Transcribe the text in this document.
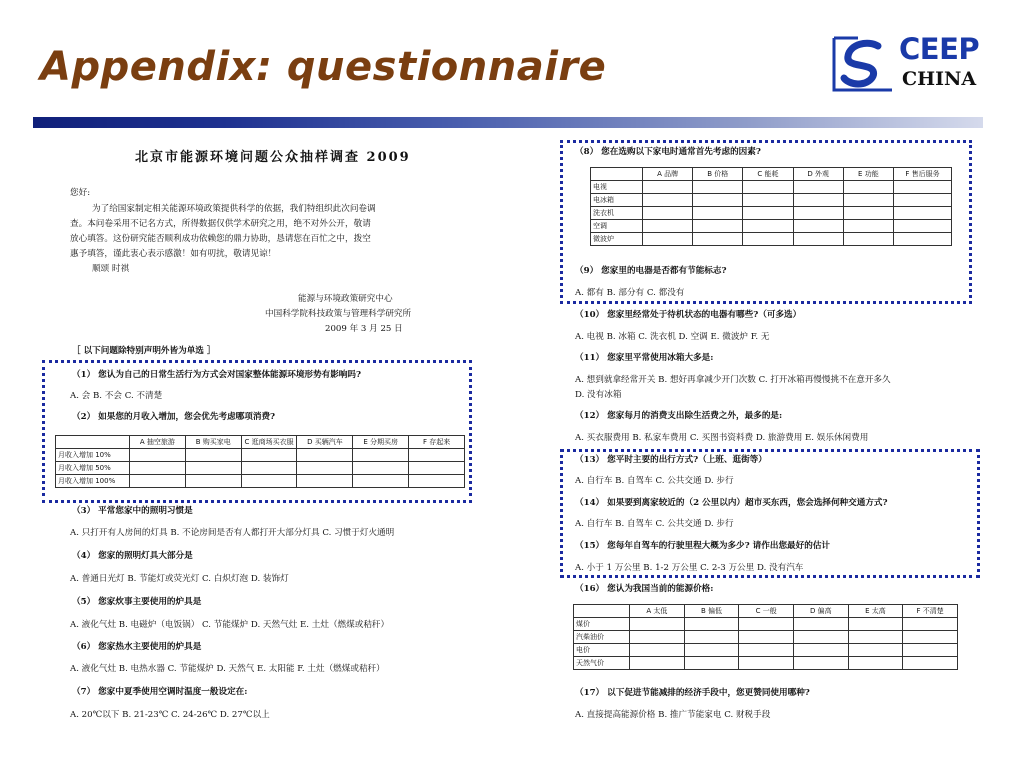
Appendix: questionnaire	CEEP
CHINA
北京市能源环境问题公众抽样调查 2009
您好:
为了给国家制定相关能源环境政策提供科学的依据，我们特组织此次问卷调
查。本问卷采用不记名方式，所得数据仅供学术研究之用，绝不对外公开，敬请
放心填答。这份研究能否顺利成功依赖您的鼎力协助，恳请您在百忙之中，拨空
惠予填答，谨此衷心表示感激！如有叨扰，敬请见谅！
顺颂 时祺
能源与环境政策研究中心
中国科学院科技政策与管理科学研究所
2009 年 3 月 25 日
［ 以下问题除特别声明外皆为单选 ］
（1） 您认为自己的日常生活行为方式会对国家整体能源环境形势有影响吗?
A. 会 B. 不会 C. 不清楚
（2） 如果您的月收入增加，您会优先考虑哪项消费?
	A 抽空旅游	B 购买家电	C 逛商场买衣服	D 买辆汽车	E 分期买房	F 存起来
月收入增加 10%						
月收入增加 50%						
月收入增加 100%						
（3） 平常您家中的照明习惯是
A. 只打开有人房间的灯具 B. 不论房间是否有人都打开大部分灯具 C. 习惯于灯火通明
（4） 您家的照明灯具大部分是
A. 普通日光灯 B. 节能灯或荧光灯 C. 白炽灯泡 D. 装饰灯
（5） 您家炊事主要使用的炉具是
A. 液化气灶 B. 电磁炉（电饭锅） C. 节能煤炉 D. 天然气灶 E. 土灶（燃煤或秸秆）
（6） 您家热水主要使用的炉具是
A. 液化气灶 B. 电热水器 C. 节能煤炉 D. 天然气 E. 太阳能 F. 土灶（燃煤或秸秆）
（7） 您家中夏季使用空调时温度一般设定在:
A. 20℃以下 B. 21-23℃ C. 24-26℃ D. 27℃以上
（8） 您在选购以下家电时通常首先考虑的因素?
	A 品牌	B 价格	C 能耗	D 外观	E 功能	F 售后服务
电视						
电冰箱						
洗衣机						
空调						
微波炉						
（9） 您家里的电器是否都有节能标志?
A. 都有 B. 部分有 C. 都没有
（10） 您家里经常处于待机状态的电器有哪些?（可多选）
A. 电视 B. 冰箱 C. 洗衣机 D. 空调 E. 微波炉 F. 无
（11） 您家里平常使用冰箱大多是:
A. 想到就拿经常开关 B. 想好再拿减少开门次数 C. 打开冰箱再慢慢挑不在意开多久
D. 没有冰箱
（12） 您家每月的消费支出除生活费之外，最多的是:
A. 买衣服费用 B. 私家车费用 C. 买图书资料费 D. 旅游费用 E. 娱乐休闲费用
（13） 您平时主要的出行方式?（上班、逛街等）
A. 自行车 B. 自驾车 C. 公共交通 D. 步行
（14） 如果要到离家较近的（2 公里以内）超市买东西，您会选择何种交通方式?
A. 自行车 B. 自驾车 C. 公共交通 D. 步行
（15） 您每年自驾车的行驶里程大概为多少? 请作出您最好的估计
A. 小于 1 万公里 B. 1-2 万公里 C. 2-3 万公里 D. 没有汽车
（16） 您认为我国当前的能源价格:
	A 太低	B 偏低	C 一般	D 偏高	E 太高	F 不清楚
煤价						
汽柴油价						
电价						
天然气价						
（17） 以下促进节能减排的经济手段中，您更赞同使用哪种?
A. 直接提高能源价格 B. 推广节能家电 C. 财税手段
